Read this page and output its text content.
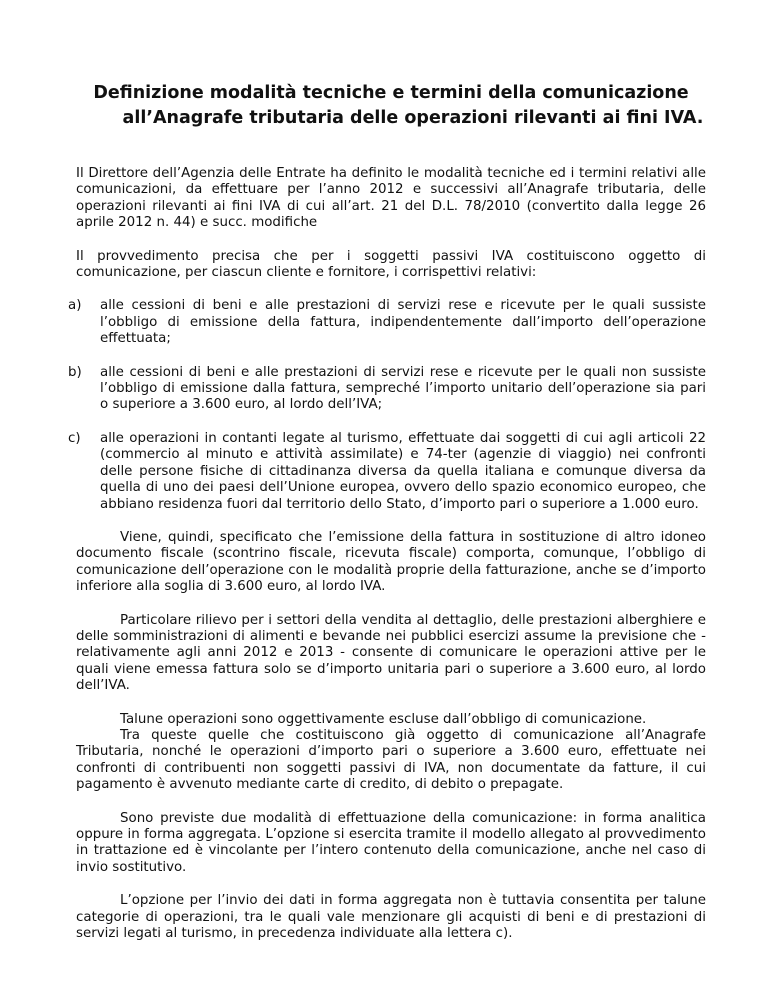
Definizione modalità tecniche e termini della comunicazione
all’Anagrafe tributaria delle operazioni rilevanti ai fini IVA.

Il Direttore dell’Agenzia delle Entrate ha definito le modalità tecniche ed i termini relativi alle comunicazioni, da effettuare per l’anno 2012 e successivi all’Anagrafe tributaria, delle operazioni rilevanti ai fini IVA di cui all’art. 21 del D.L. 78/2010 (convertito dalla legge 26 aprile 2012 n. 44) e succ. modifiche

Il provvedimento precisa che per i soggetti passivi IVA costituiscono oggetto di comunicazione, per ciascun cliente e fornitore, i corrispettivi relativi:

a) alle cessioni di beni e alle prestazioni di servizi rese e ricevute per le quali sussiste l’obbligo di emissione della fattura, indipendentemente dall’importo dell’operazione effettuata;
b) alle cessioni di beni e alle prestazioni di servizi rese e ricevute per le quali non sussiste l’obbligo di emissione dalla fattura, sempreché l’importo unitario dell’operazione sia pari o superiore a 3.600 euro, al lordo dell’IVA;
c) alle operazioni in contanti legate al turismo, effettuate dai soggetti di cui agli articoli 22 (commercio al minuto e attività assimilate) e 74-ter (agenzie di viaggio) nei confronti delle persone fisiche di cittadinanza diversa da quella italiana e comunque diversa da quella di uno dei paesi dell’Unione europea, ovvero dello spazio economico europeo, che abbiano residenza fuori dal territorio dello Stato, d’importo pari o superiore a 1.000 euro.

Viene, quindi, specificato che l’emissione della fattura in sostituzione di altro idoneo documento fiscale (scontrino fiscale, ricevuta fiscale) comporta, comunque, l’obbligo di comunicazione dell’operazione con le modalità proprie della fatturazione, anche se d’importo inferiore alla soglia di 3.600 euro, al lordo IVA.

Particolare rilievo per i settori della vendita al dettaglio, delle prestazioni alberghiere e delle somministrazioni di alimenti e bevande nei pubblici esercizi assume la previsione che - relativamente agli anni 2012 e 2013 - consente di comunicare le operazioni attive per le quali viene emessa fattura solo se d’importo unitaria pari o superiore a 3.600 euro, al lordo dell’IVA.

Talune operazioni sono oggettivamente escluse dall’obbligo di comunicazione.

Tra queste quelle che costituiscono già oggetto di comunicazione all’Anagrafe Tributaria, nonché le operazioni d’importo pari o superiore a 3.600 euro, effettuate nei confronti di contribuenti non soggetti passivi di IVA, non documentate da fatture, il cui pagamento è avvenuto mediante carte di credito, di debito o prepagate.

Sono previste due modalità di effettuazione della comunicazione: in forma analitica oppure in forma aggregata. L’opzione si esercita tramite il modello allegato al provvedimento in trattazione ed è vincolante per l’intero contenuto della comunicazione, anche nel caso di invio sostitutivo.

L’opzione per l’invio dei dati in forma aggregata non è tuttavia consentita per talune categorie di operazioni, tra le quali vale menzionare gli acquisti di beni e di prestazioni di servizi legati al turismo, in precedenza individuate alla lettera c).
